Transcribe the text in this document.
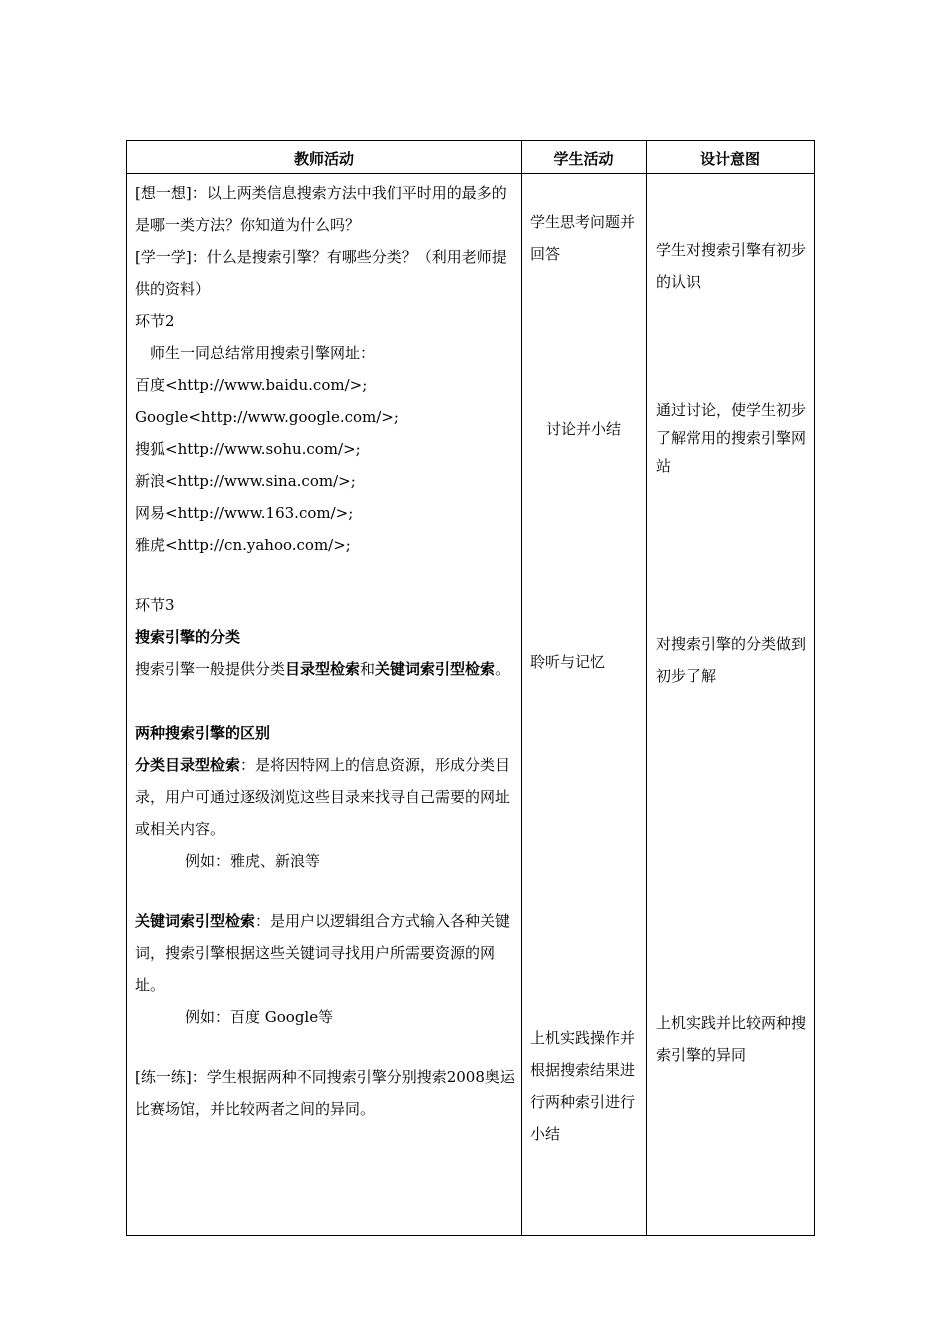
教师活动	学生活动	设计意图
[想一想]：以上两类信息搜索方法中我们平时用的最多的是哪一类方法？你知道为什么吗？
[学一学]：什么是搜索引擎？有哪些分类？（利用老师提供的资料）
环节2
师生一同总结常用搜索引擎网址：
百度<http://www.baidu.com/>;
Google<http://www.google.com/>;
搜狐<http://www.sohu.com/>;
新浪<http://www.sina.com/>;
网易<http://www.163.com/>;
雅虎<http://cn.yahoo.com/>;
环节3
搜索引擎的分类
搜索引擎一般提供分类目录型检索和关键词索引型检索。
两种搜索引擎的区别
分类目录型检索：是将因特网上的信息资源，形成分类目录，用户可通过逐级浏览这些目录来找寻自己需要的网址或相关内容。
例如：雅虎、新浪等
关键词索引型检索：是用户以逻辑组合方式输入各种关键词，搜索引擎根据这些关键词寻找用户所需要资源的网址。
例如：百度 Google等
[练一练]：学生根据两种不同搜索引擎分别搜索2008奥运比赛场馆，并比较两者之间的异同。
学生思考问题并回答
讨论并小结
聆听与记忆
上机实践操作并根据搜索结果进行两种索引进行小结
学生对搜索引擎有初步的认识
通过讨论，使学生初步了解常用的搜索引擎网站
对搜索引擎的分类做到初步了解
上机实践并比较两种搜索引擎的异同
